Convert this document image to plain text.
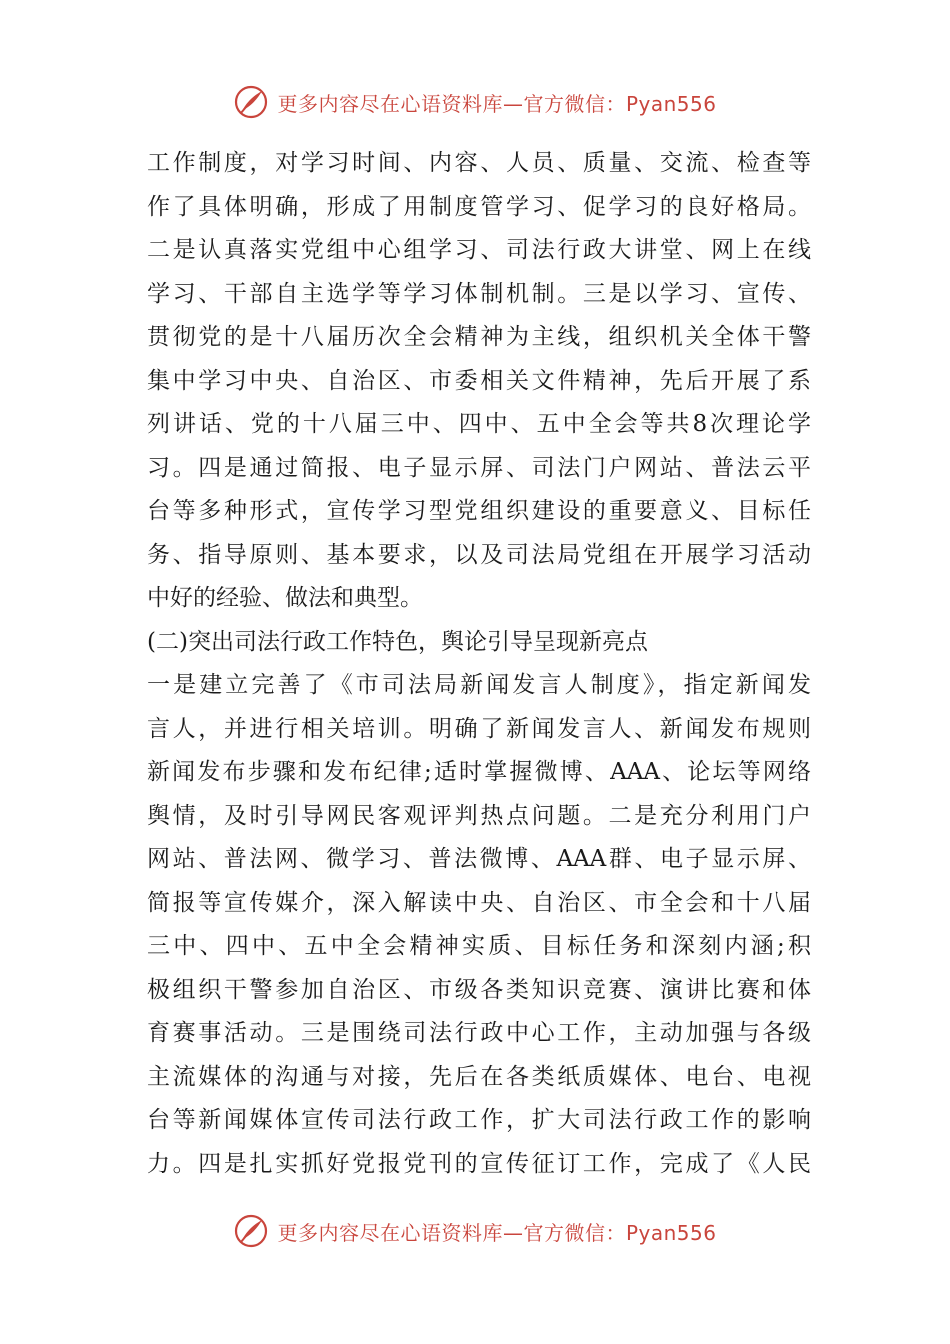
更多内容尽在心语资料库—官方微信：Pyan556
工作制度，对学习时间、内容、人员、质量、交流、检查等
作了具体明确，形成了用制度管学习、促学习的良好格局。
二是认真落实党组中心组学习、司法行政大讲堂、网上在线
学习、干部自主选学等学习体制机制。三是以学习、宣传、
贯彻党的是十八届历次全会精神为主线，组织机关全体干警
集中学习中央、自治区、市委相关文件精神，先后开展了系
列讲话、党的十八届三中、四中、五中全会等共8次理论学
习。四是通过简报、电子显示屏、司法门户网站、普法云平
台等多种形式，宣传学习型党组织建设的重要意义、目标任
务、指导原则、基本要求，以及司法局党组在开展学习活动
中好的经验、做法和典型。
(二)突出司法行政工作特色，舆论引导呈现新亮点
一是建立完善了《市司法局新闻发言人制度》，指定新闻发
言人，并进行相关培训。明确了新闻发言人、新闻发布规则
新闻发布步骤和发布纪律;适时掌握微博、AAA、论坛等网络
舆情，及时引导网民客观评判热点问题。二是充分利用门户
网站、普法网、微学习、普法微博、AAA群、电子显示屏、
简报等宣传媒介，深入解读中央、自治区、市全会和十八届
三中、四中、五中全会精神实质、目标任务和深刻内涵;积
极组织干警参加自治区、市级各类知识竞赛、演讲比赛和体
育赛事活动。三是围绕司法行政中心工作，主动加强与各级
主流媒体的沟通与对接，先后在各类纸质媒体、电台、电视
台等新闻媒体宣传司法行政工作，扩大司法行政工作的影响
力。四是扎实抓好党报党刊的宣传征订工作，完成了《人民
更多内容尽在心语资料库—官方微信：Pyan556
